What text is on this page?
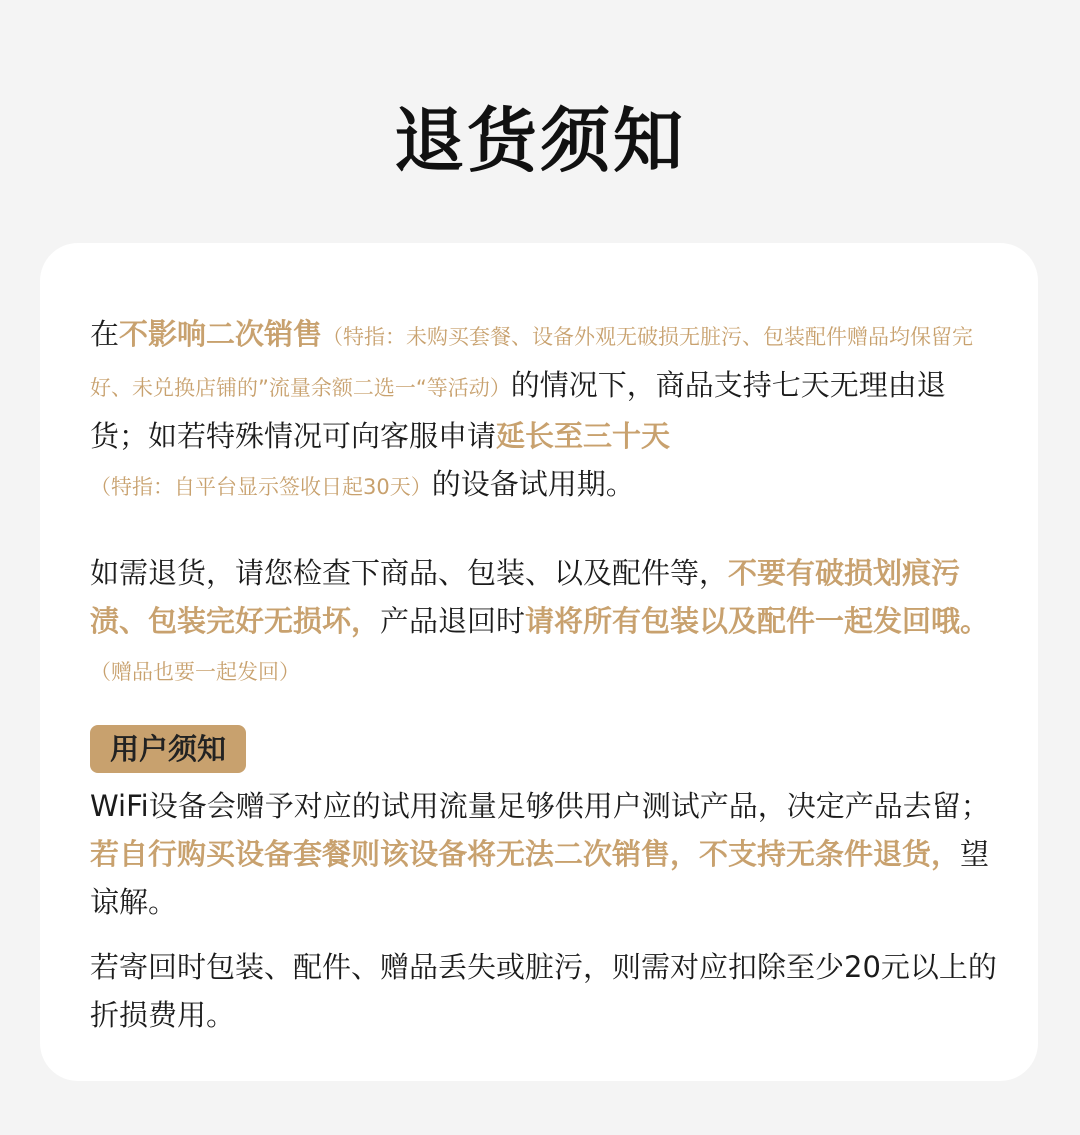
退货须知

在不影响二次销售（特指：未购买套餐、设备外观无破损无脏污、包装配件赠品均保留完好、未兑换店铺的”流量余额二选一“等活动）的情况下，商品支持七天无理由退货；如若特殊情况可向客服申请延长至三十天（特指：自平台显示签收日起30天）的设备试用期。

如需退货，请您检查下商品、包装、以及配件等，不要有破损划痕污渍、包装完好无损坏，产品退回时请将所有包装以及配件一起发回哦。（赠品也要一起发回）

用户须知

WiFi设备会赠予对应的试用流量足够供用户测试产品，决定产品去留；若自行购买设备套餐则该设备将无法二次销售，不支持无条件退货，望谅解。

若寄回时包装、配件、赠品丢失或脏污，则需对应扣除至少20元以上的折损费用。
